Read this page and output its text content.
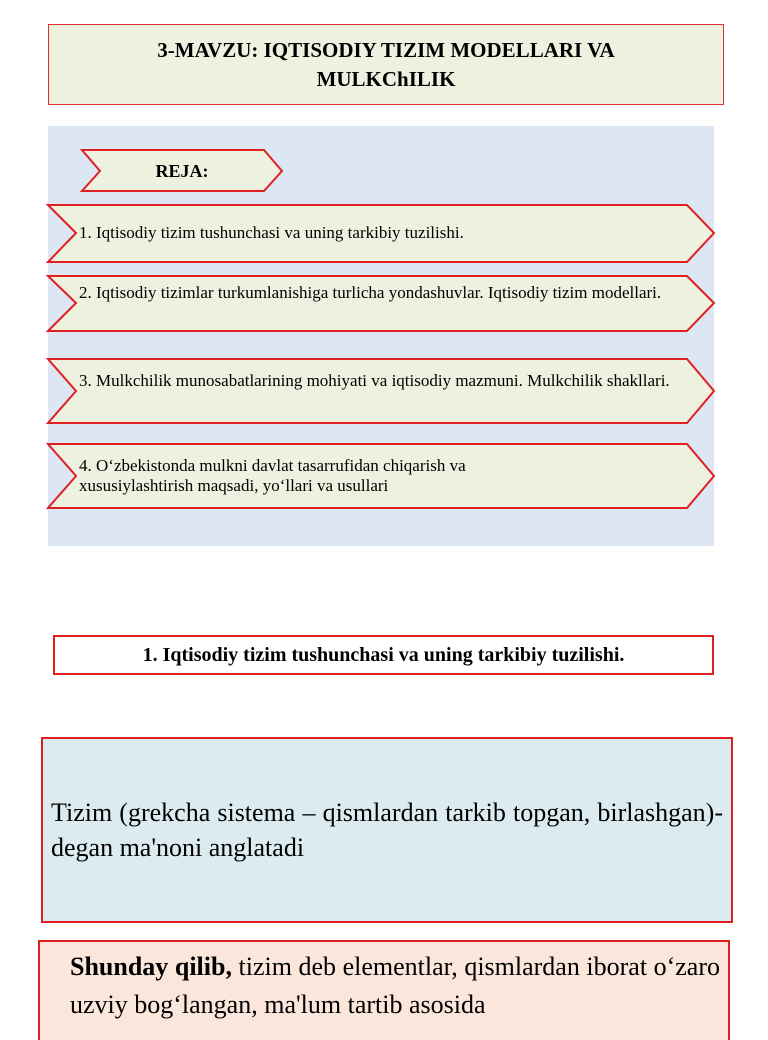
3-MAVZU: IQTISODIY TIZIM MODELLARI VA
MULKChILIK
REJA:
1. Iqtisodiy tizim tushunchasi va uning tarkibiy tuzilishi.
2. Iqtisodiy tizimlar turkumlanishiga turlicha yondashuvlar. Iqtisodiy tizim modellari.
3. Mulkchilik munosabatlarining mohiyati va iqtisodiy mazmuni. Mulkchilik shakllari.
4. O‘zbekistonda mulkni davlat tasarrufidan chiqarish va
xususiylashtirish maqsadi, yo‘llari va usullari
1. Iqtisodiy tizim tushunchasi va uning tarkibiy tuzilishi.

Tizim (grekcha sistema – qismlardan tarkib topgan, birlashgan)-degan ma'noni anglatadi

Shunday qilib, tizim deb elementlar, qismlardan iborat o‘zaro uzviy bog‘langan, ma'lum tartib asosida
